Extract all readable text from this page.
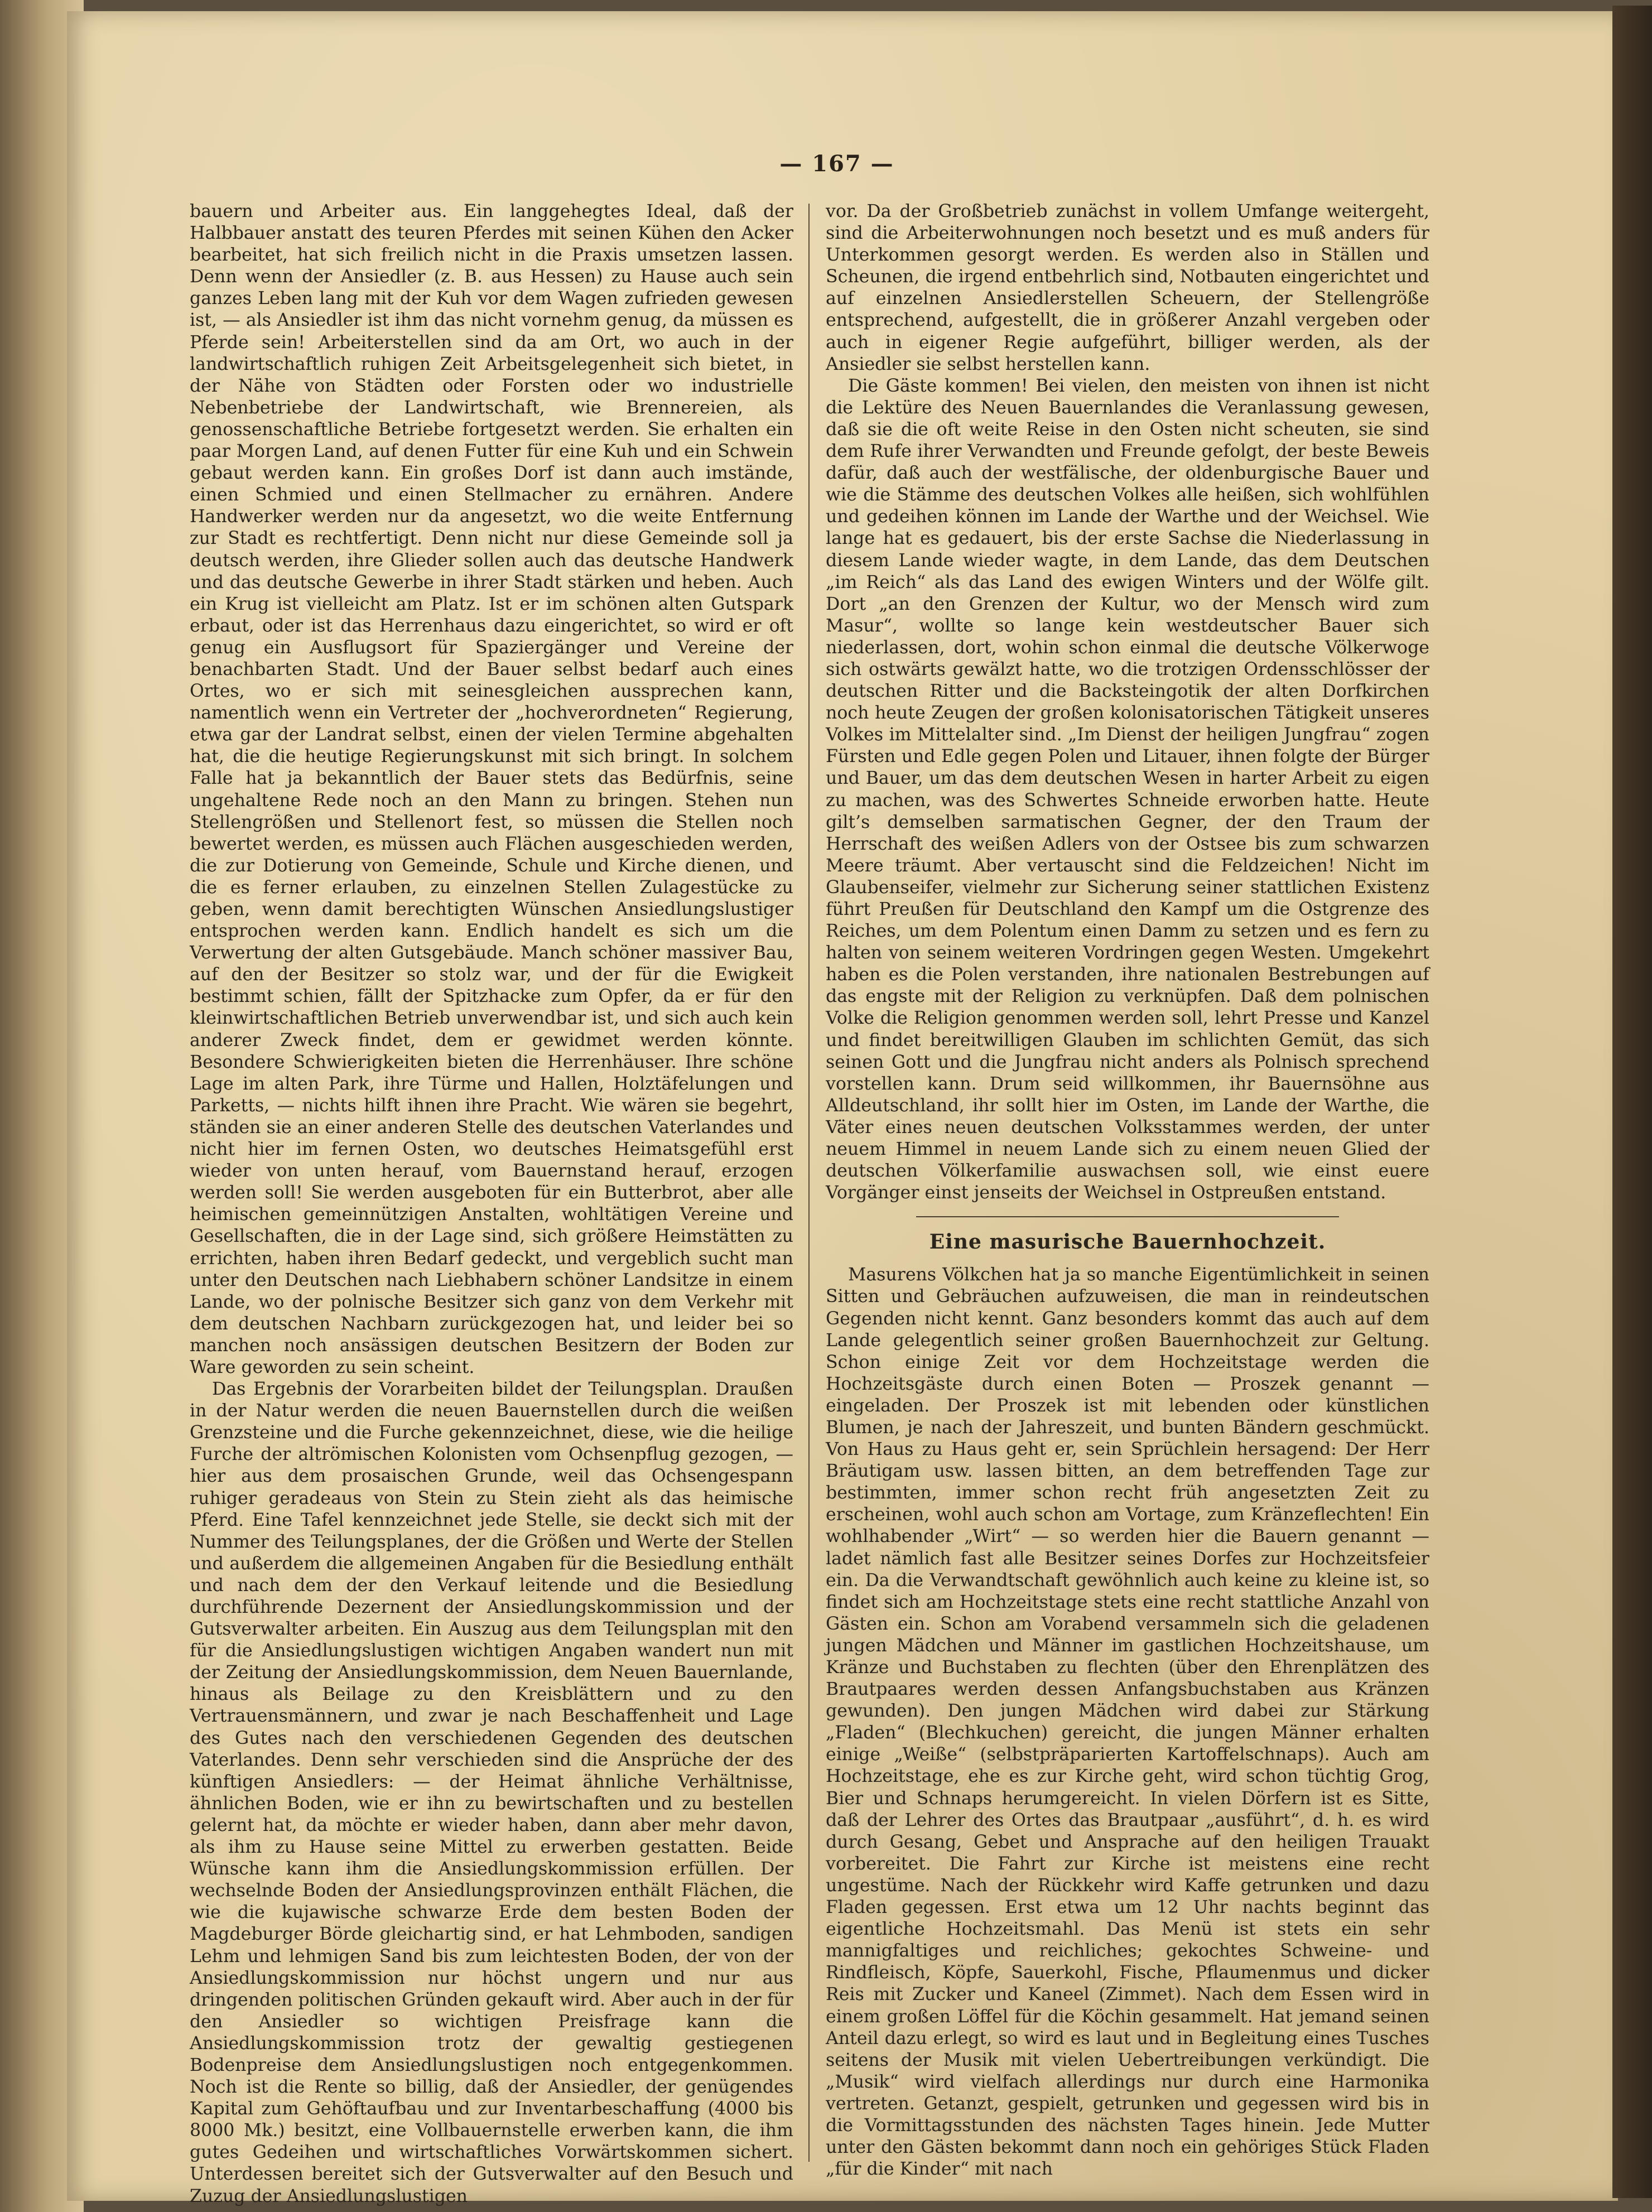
— 167 —

bauern und Arbeiter aus. Ein langgehegtes Ideal, daß der Halbbauer anstatt des teuren Pferdes mit seinen Kühen den Acker bearbeitet, hat sich freilich nicht in die Praxis umsetzen lassen. Denn wenn der Ansiedler (z. B. aus Hessen) zu Hause auch sein ganzes Leben lang mit der Kuh vor dem Wagen zufrieden gewesen ist, — als Ansiedler ist ihm das nicht vornehm genug, da müssen es Pferde sein! Arbeiterstellen sind da am Ort, wo auch in der landwirtschaftlich ruhigen Zeit Arbeitsgelegenheit sich bietet, in der Nähe von Städten oder Forsten oder wo industrielle Nebenbetriebe der Landwirtschaft, wie Brennereien, als genossenschaftliche Betriebe fortgesetzt werden. Sie erhalten ein paar Morgen Land, auf denen Futter für eine Kuh und ein Schwein gebaut werden kann. Ein großes Dorf ist dann auch imstände, einen Schmied und einen Stellmacher zu ernähren. Andere Handwerker werden nur da angesetzt, wo die weite Entfernung zur Stadt es rechtfertigt. Denn nicht nur diese Gemeinde soll ja deutsch werden, ihre Glieder sollen auch das deutsche Handwerk und das deutsche Gewerbe in ihrer Stadt stärken und heben. Auch ein Krug ist vielleicht am Platz. Ist er im schönen alten Gutspark erbaut, oder ist das Herrenhaus dazu eingerichtet, so wird er oft genug ein Ausflugsort für Spaziergänger und Vereine der benachbarten Stadt. Und der Bauer selbst bedarf auch eines Ortes, wo er sich mit seinesgleichen aussprechen kann, namentlich wenn ein Vertreter der „hochverordneten“ Regierung, etwa gar der Landrat selbst, einen der vielen Termine abgehalten hat, die die heutige Regierungskunst mit sich bringt. In solchem Falle hat ja bekanntlich der Bauer stets das Bedürfnis, seine ungehaltene Rede noch an den Mann zu bringen. Stehen nun Stellengrößen und Stellenort fest, so müssen die Stellen noch bewertet werden, es müssen auch Flächen ausgeschieden werden, die zur Dotierung von Gemeinde, Schule und Kirche dienen, und die es ferner erlauben, zu einzelnen Stellen Zulagestücke zu geben, wenn damit berechtigten Wünschen Ansiedlungslustiger entsprochen werden kann. Endlich handelt es sich um die Verwertung der alten Gutsgebäude. Manch schöner massiver Bau, auf den der Besitzer so stolz war, und der für die Ewigkeit bestimmt schien, fällt der Spitzhacke zum Opfer, da er für den kleinwirtschaftlichen Betrieb unverwendbar ist, und sich auch kein anderer Zweck findet, dem er gewidmet werden könnte. Besondere Schwierigkeiten bieten die Herrenhäuser. Ihre schöne Lage im alten Park, ihre Türme und Hallen, Holztäfelungen und Parketts, — nichts hilft ihnen ihre Pracht. Wie wären sie begehrt, ständen sie an einer anderen Stelle des deutschen Vaterlandes und nicht hier im fernen Osten, wo deutsches Heimatsgefühl erst wieder von unten herauf, vom Bauernstand herauf, erzogen werden soll! Sie werden ausgeboten für ein Butterbrot, aber alle heimischen gemeinnützigen Anstalten, wohltätigen Vereine und Gesellschaften, die in der Lage sind, sich größere Heimstätten zu errichten, haben ihren Bedarf gedeckt, und vergeblich sucht man unter den Deutschen nach Liebhabern schöner Landsitze in einem Lande, wo der polnische Besitzer sich ganz von dem Verkehr mit dem deutschen Nachbarn zurückgezogen hat, und leider bei so manchen noch ansässigen deutschen Besitzern der Boden zur Ware geworden zu sein scheint.

Das Ergebnis der Vorarbeiten bildet der Teilungsplan. Draußen in der Natur werden die neuen Bauernstellen durch die weißen Grenzsteine und die Furche gekennzeichnet, diese, wie die heilige Furche der altrömischen Kolonisten vom Ochsenpflug gezogen, — hier aus dem prosaischen Grunde, weil das Ochsengespann ruhiger geradeaus von Stein zu Stein zieht als das heimische Pferd. Eine Tafel kennzeichnet jede Stelle, sie deckt sich mit der Nummer des Teilungsplanes, der die Größen und Werte der Stellen und außerdem die allgemeinen Angaben für die Besiedlung enthält und nach dem der den Verkauf leitende und die Besiedlung durchführende Dezernent der Ansiedlungskommission und der Gutsverwalter arbeiten. Ein Auszug aus dem Teilungsplan mit den für die Ansiedlungslustigen wichtigen Angaben wandert nun mit der Zeitung der Ansiedlungskommission, dem Neuen Bauernlande, hinaus als Beilage zu den Kreisblättern und zu den Vertrauensmännern, und zwar je nach Beschaffenheit und Lage des Gutes nach den verschiedenen Gegenden des deutschen Vaterlandes. Denn sehr verschieden sind die Ansprüche der des künftigen Ansiedlers: — der Heimat ähnliche Verhältnisse, ähnlichen Boden, wie er ihn zu bewirtschaften und zu bestellen gelernt hat, da möchte er wieder haben, dann aber mehr davon, als ihm zu Hause seine Mittel zu erwerben gestatten. Beide Wünsche kann ihm die Ansiedlungskommission erfüllen. Der wechselnde Boden der Ansiedlungsprovinzen enthält Flächen, die wie die kujawische schwarze Erde dem besten Boden der Magdeburger Börde gleichartig sind, er hat Lehmboden, sandigen Lehm und lehmigen Sand bis zum leichtesten Boden, der von der Ansiedlungskommission nur höchst ungern und nur aus dringenden politischen Gründen gekauft wird. Aber auch in der für den Ansiedler so wichtigen Preisfrage kann die Ansiedlungskommission trotz der gewaltig gestiegenen Bodenpreise dem Ansiedlungslustigen noch entgegenkommen. Noch ist die Rente so billig, daß der Ansiedler, der genügendes Kapital zum Gehöftaufbau und zur Inventarbeschaffung (4000 bis 8000 Mk.) besitzt, eine Vollbauernstelle erwerben kann, die ihm gutes Gedeihen und wirtschaftliches Vorwärtskommen sichert. Unterdessen bereitet sich der Gutsverwalter auf den Besuch und Zuzug der Ansiedlungslustigen

vor. Da der Großbetrieb zunächst in vollem Umfange weitergeht, sind die Arbeiterwohnungen noch besetzt und es muß anders für Unterkommen gesorgt werden. Es werden also in Ställen und Scheunen, die irgend entbehrlich sind, Notbauten eingerichtet und auf einzelnen Ansiedlerstellen Scheuern, der Stellengröße entsprechend, aufgestellt, die in größerer Anzahl vergeben oder auch in eigener Regie aufgeführt, billiger werden, als der Ansiedler sie selbst herstellen kann.

Die Gäste kommen! Bei vielen, den meisten von ihnen ist nicht die Lektüre des Neuen Bauernlandes die Veranlassung gewesen, daß sie die oft weite Reise in den Osten nicht scheuten, sie sind dem Rufe ihrer Verwandten und Freunde gefolgt, der beste Beweis dafür, daß auch der westfälische, der oldenburgische Bauer und wie die Stämme des deutschen Volkes alle heißen, sich wohlfühlen und gedeihen können im Lande der Warthe und der Weichsel. Wie lange hat es gedauert, bis der erste Sachse die Niederlassung in diesem Lande wieder wagte, in dem Lande, das dem Deutschen „im Reich“ als das Land des ewigen Winters und der Wölfe gilt. Dort „an den Grenzen der Kultur, wo der Mensch wird zum Masur“, wollte so lange kein westdeutscher Bauer sich niederlassen, dort, wohin schon einmal die deutsche Völkerwoge sich ostwärts gewälzt hatte, wo die trotzigen Ordensschlösser der deutschen Ritter und die Backsteingotik der alten Dorfkirchen noch heute Zeugen der großen kolonisatorischen Tätigkeit unseres Volkes im Mittelalter sind. „Im Dienst der heiligen Jungfrau“ zogen Fürsten und Edle gegen Polen und Litauer, ihnen folgte der Bürger und Bauer, um das dem deutschen Wesen in harter Arbeit zu eigen zu machen, was des Schwertes Schneide erworben hatte. Heute gilt’s demselben sarmatischen Gegner, der den Traum der Herrschaft des weißen Adlers von der Ostsee bis zum schwarzen Meere träumt. Aber vertauscht sind die Feldzeichen! Nicht im Glaubenseifer, vielmehr zur Sicherung seiner stattlichen Existenz führt Preußen für Deutschland den Kampf um die Ostgrenze des Reiches, um dem Polentum einen Damm zu setzen und es fern zu halten von seinem weiteren Vordringen gegen Westen. Umgekehrt haben es die Polen verstanden, ihre nationalen Bestrebungen auf das engste mit der Religion zu verknüpfen. Daß dem polnischen Volke die Religion genommen werden soll, lehrt Presse und Kanzel und findet bereitwilligen Glauben im schlichten Gemüt, das sich seinen Gott und die Jungfrau nicht anders als Polnisch sprechend vorstellen kann. Drum seid willkommen, ihr Bauernsöhne aus Alldeutschland, ihr sollt hier im Osten, im Lande der Warthe, die Väter eines neuen deutschen Volksstammes werden, der unter neuem Himmel in neuem Lande sich zu einem neuen Glied der deutschen Völkerfamilie auswachsen soll, wie einst euere Vorgänger einst jenseits der Weichsel in Ostpreußen entstand.

Eine masurische Bauernhochzeit.

Masurens Völkchen hat ja so manche Eigentümlichkeit in seinen Sitten und Gebräuchen aufzuweisen, die man in reindeutschen Gegenden nicht kennt. Ganz besonders kommt das auch auf dem Lande gelegentlich seiner großen Bauernhochzeit zur Geltung. Schon einige Zeit vor dem Hochzeitstage werden die Hochzeitsgäste durch einen Boten — Proszek genannt — eingeladen. Der Proszek ist mit lebenden oder künstlichen Blumen, je nach der Jahreszeit, und bunten Bändern geschmückt. Von Haus zu Haus geht er, sein Sprüchlein hersagend: Der Herr Bräutigam usw. lassen bitten, an dem betreffenden Tage zur bestimmten, immer schon recht früh angesetzten Zeit zu erscheinen, wohl auch schon am Vortage, zum Kränzeflechten! Ein wohlhabender „Wirt“ — so werden hier die Bauern genannt — ladet nämlich fast alle Besitzer seines Dorfes zur Hochzeitsfeier ein. Da die Verwandtschaft gewöhnlich auch keine zu kleine ist, so findet sich am Hochzeitstage stets eine recht stattliche Anzahl von Gästen ein. Schon am Vorabend versammeln sich die geladenen jungen Mädchen und Männer im gastlichen Hochzeitshause, um Kränze und Buchstaben zu flechten (über den Ehrenplätzen des Brautpaares werden dessen Anfangsbuchstaben aus Kränzen gewunden). Den jungen Mädchen wird dabei zur Stärkung „Fladen“ (Blechkuchen) gereicht, die jungen Männer erhalten einige „Weiße“ (selbstpräparierten Kartoffelschnaps). Auch am Hochzeitstage, ehe es zur Kirche geht, wird schon tüchtig Grog, Bier und Schnaps herumgereicht. In vielen Dörfern ist es Sitte, daß der Lehrer des Ortes das Brautpaar „ausführt“, d. h. es wird durch Gesang, Gebet und Ansprache auf den heiligen Trauakt vorbereitet. Die Fahrt zur Kirche ist meistens eine recht ungestüme. Nach der Rückkehr wird Kaffe getrunken und dazu Fladen gegessen. Erst etwa um 12 Uhr nachts beginnt das eigentliche Hochzeitsmahl. Das Menü ist stets ein sehr mannigfaltiges und reichliches; gekochtes Schweine- und Rindfleisch, Köpfe, Sauerkohl, Fische, Pflaumenmus und dicker Reis mit Zucker und Kaneel (Zimmet). Nach dem Essen wird in einem großen Löffel für die Köchin gesammelt. Hat jemand seinen Anteil dazu erlegt, so wird es laut und in Begleitung eines Tusches seitens der Musik mit vielen Uebertreibungen verkündigt. Die „Musik“ wird vielfach allerdings nur durch eine Harmonika vertreten. Getanzt, gespielt, getrunken und gegessen wird bis in die Vormittagsstunden des nächsten Tages hinein. Jede Mutter unter den Gästen bekommt dann noch ein gehöriges Stück Fladen „für die Kinder“ mit nach
